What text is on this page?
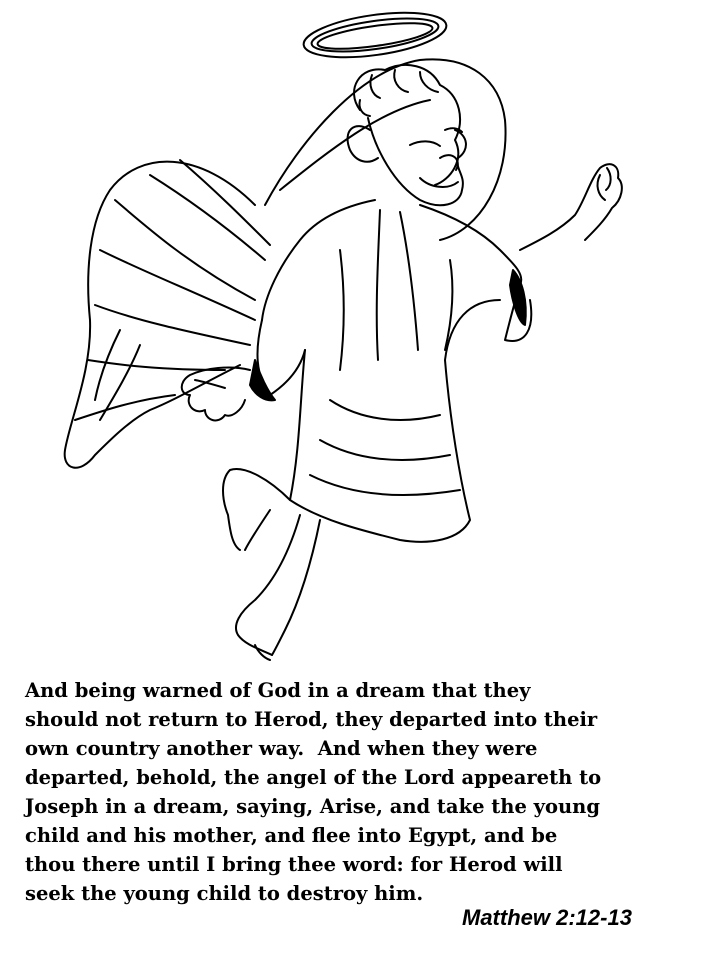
And being warned of God in a dream that they
should not return to Herod, they departed into their
own country another way.  And when they were
departed, behold, the angel of the Lord appeareth to
Joseph in a dream, saying, Arise, and take the young
child and his mother, and flee into Egypt, and be
thou there until I bring thee word: for Herod will
seek the young child to destroy him.

Matthew 2:12-13
